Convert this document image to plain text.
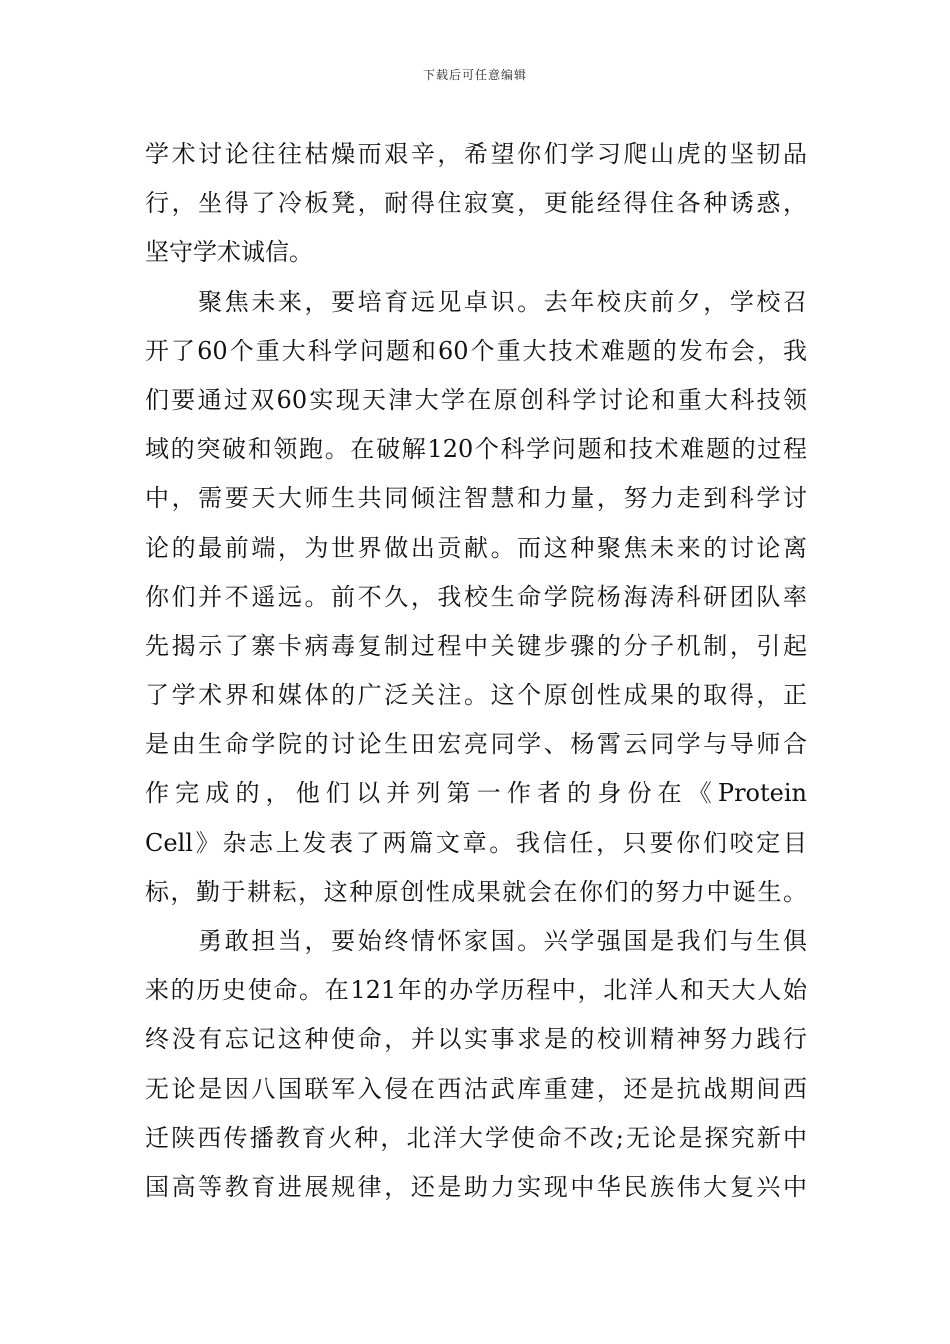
下载后可任意编辑
学术讨论往往枯燥而艰辛，希望你们学习爬山虎的坚韧品
行，坐得了冷板凳，耐得住寂寞，更能经得住各种诱惑，
坚守学术诚信。
　　聚焦未来，要培育远见卓识。去年校庆前夕，学校召
开了60个重大科学问题和60个重大技术难题的发布会，我
们要通过双60实现天津大学在原创科学讨论和重大科技领
域的突破和领跑。在破解120个科学问题和技术难题的过程
中，需要天大师生共同倾注智慧和力量，努力走到科学讨
论的最前端，为世界做出贡献。而这种聚焦未来的讨论离
你们并不遥远。前不久，我校生命学院杨海涛科研团队率
先揭示了寨卡病毒复制过程中关键步骤的分子机制，引起
了学术界和媒体的广泛关注。这个原创性成果的取得，正
是由生命学院的讨论生田宏亮同学、杨霄云同学与导师合
作完成的，他们以并列第一作者的身份在《Protein
Cell》杂志上发表了两篇文章。我信任，只要你们咬定目
标，勤于耕耘，这种原创性成果就会在你们的努力中诞生。
　　勇敢担当，要始终情怀家国。兴学强国是我们与生俱
来的历史使命。在121年的办学历程中，北洋人和天大人始
终没有忘记这种使命，并以实事求是的校训精神努力践行
无论是因八国联军入侵在西沽武库重建，还是抗战期间西
迁陕西传播教育火种，北洋大学使命不改;无论是探究新中
国高等教育进展规律，还是助力实现中华民族伟大复兴中
